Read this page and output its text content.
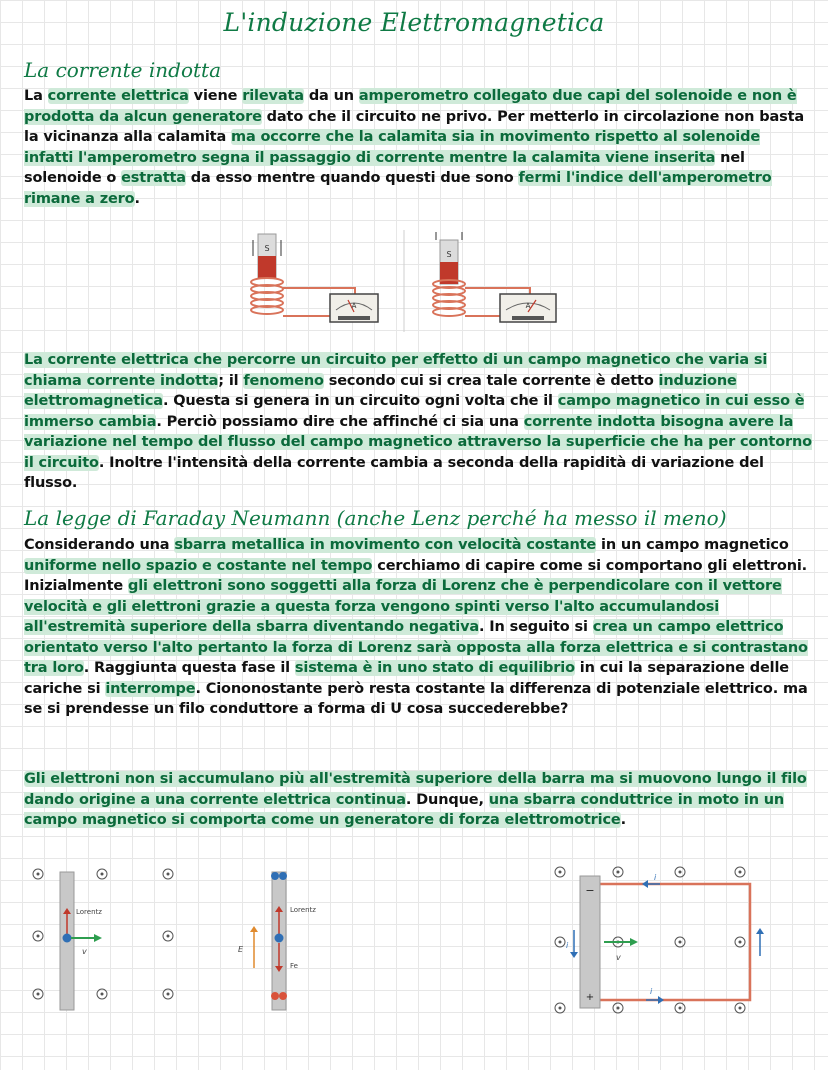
L'induzione Elettromagnetica
La corrente indotta

La corrente elettrica viene rilevata da un amperometro collegato due capi del solenoide e non è prodotta da alcun generatore dato che il circuito ne privo. Per metterlo in circolazione non basta la vicinanza alla calamita ma occorre che la calamita sia in movimento rispetto al solenoide infatti l'amperometro segna il passaggio di corrente mentre la calamita viene inserita nel solenoide o estratta da esso mentre quando questi due sono fermi l'indice dell'amperometro rimane a zero.

S
A
S
A

La corrente elettrica che percorre un circuito per effetto di un campo magnetico che varia si chiama corrente indotta; il fenomeno secondo cui si crea tale corrente è detto induzione elettromagnetica. Questa si genera in un circuito ogni volta che il campo magnetico in cui esso è immerso cambia. Perciò possiamo dire che affinché ci sia una corrente indotta bisogna avere la variazione nel tempo del flusso del campo magnetico attraverso la superficie che ha per contorno il circuito. Inoltre l'intensità della corrente cambia a seconda della rapidità di variazione del flusso.

La legge di Faraday Neumann (anche Lenz perché ha messo il meno)

Considerando una sbarra metallica in movimento con velocità costante in un campo magnetico uniforme nello spazio e costante nel tempo cerchiamo di capire come si comportano gli elettroni. Inizialmente gli elettroni sono soggetti alla forza di Lorenz che è perpendicolare con il vettore velocità e gli elettroni grazie a questa forza vengono spinti verso l'alto accumulandosi all'estremità superiore della sbarra diventando negativa. In seguito si crea un campo elettrico orientato verso l'alto pertanto la forza di Lorenz sarà opposta alla forza elettrica e si contrastano tra loro. Raggiunta questa fase il sistema è in uno stato di equilibrio in cui la separazione delle cariche si interrompe. Ciononostante però resta costante la differenza di potenziale elettrico. ma se si prendesse un filo conduttore a forma di U cosa succederebbe?

Gli elettroni non si accumulano più all'estremità superiore della barra ma si muovono lungo il filo dando origine a una corrente elettrica continua. Dunque, una sbarra conduttrice in moto in un campo magnetico si comporta come un generatore di forza elettromotrice.

Lorentz
v	E
Lorentz
Fe
−
+
v
i
i
i
